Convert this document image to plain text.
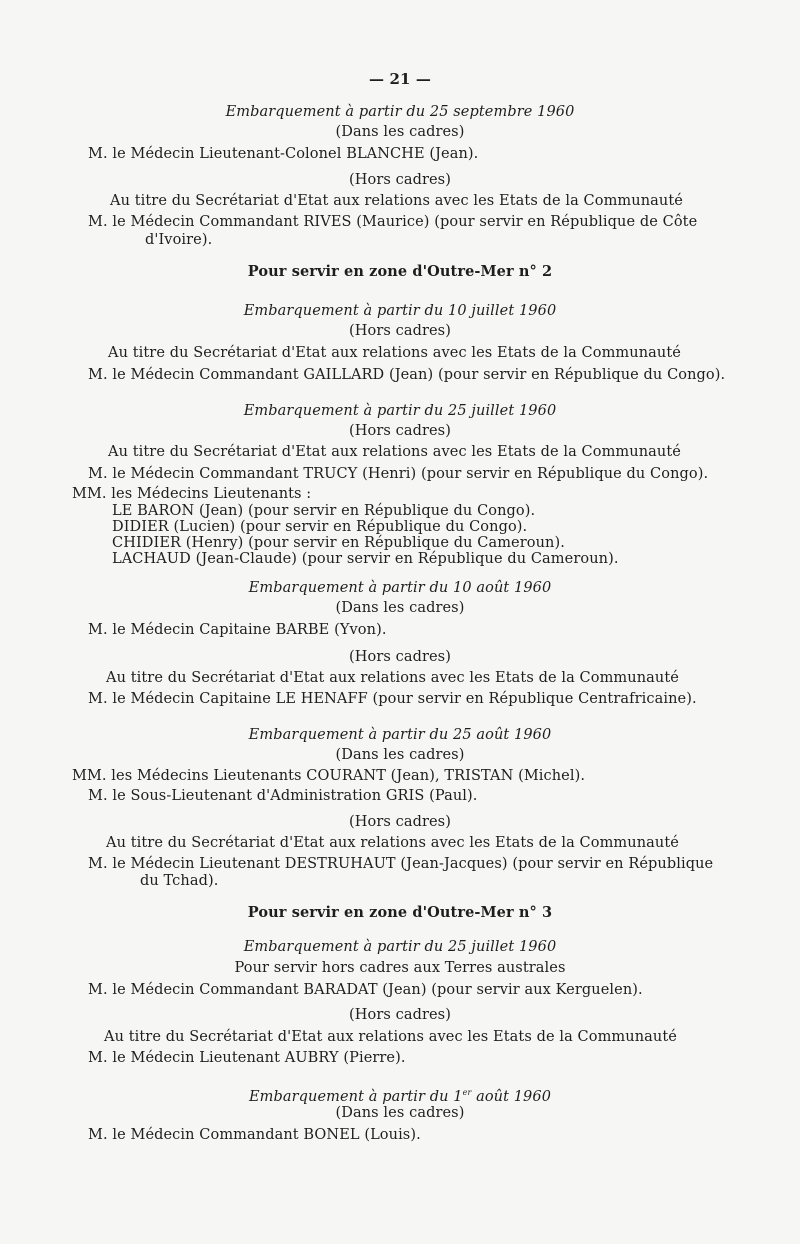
— 21 —
Embarquement à partir du 25 septembre 1960
(Dans les cadres)
M. le Médecin Lieutenant-Colonel BLANCHE (Jean).
(Hors cadres)
Au titre du Secrétariat d'Etat aux relations avec les Etats de la Communauté
M. le Médecin Commandant RIVES (Maurice) (pour servir en République de Côte
d'Ivoire).
Pour servir en zone d'Outre-Mer n° 2
Embarquement à partir du 10 juillet 1960
(Hors cadres)
Au titre du Secrétariat d'Etat aux relations avec les Etats de la Communauté
M. le Médecin Commandant GAILLARD (Jean) (pour servir en République du Congo).
Embarquement à partir du 25 juillet 1960
(Hors cadres)
Au titre du Secrétariat d'Etat aux relations avec les Etats de la Communauté
M. le Médecin Commandant TRUCY (Henri) (pour servir en République du Congo).
MM. les Médecins Lieutenants :
LE BARON (Jean) (pour servir en République du Congo).
DIDIER (Lucien) (pour servir en République du Congo).
CHIDIER (Henry) (pour servir en République du Cameroun).
LACHAUD (Jean-Claude) (pour servir en République du Cameroun).
Embarquement à partir du 10 août 1960
(Dans les cadres)
M. le Médecin Capitaine BARBE (Yvon).
(Hors cadres)
Au titre du Secrétariat d'Etat aux relations avec les Etats de la Communauté
M. le Médecin Capitaine LE HENAFF (pour servir en République Centrafricaine).
Embarquement à partir du 25 août 1960
(Dans les cadres)
MM. les Médecins Lieutenants COURANT (Jean), TRISTAN (Michel).
M. le Sous-Lieutenant d'Administration GRIS (Paul).
(Hors cadres)
Au titre du Secrétariat d'Etat aux relations avec les Etats de la Communauté
M. le Médecin Lieutenant DESTRUHAUT (Jean-Jacques) (pour servir en République
du Tchad).
Pour servir en zone d'Outre-Mer n° 3
Embarquement à partir du 25 juillet 1960
Pour servir hors cadres aux Terres australes
M. le Médecin Commandant BARADAT (Jean) (pour servir aux Kerguelen).
(Hors cadres)
Au titre du Secrétariat d'Etat aux relations avec les Etats de la Communauté
M. le Médecin Lieutenant AUBRY (Pierre).
Embarquement à partir du 1er août 1960
(Dans les cadres)
M. le Médecin Commandant BONEL (Louis).
